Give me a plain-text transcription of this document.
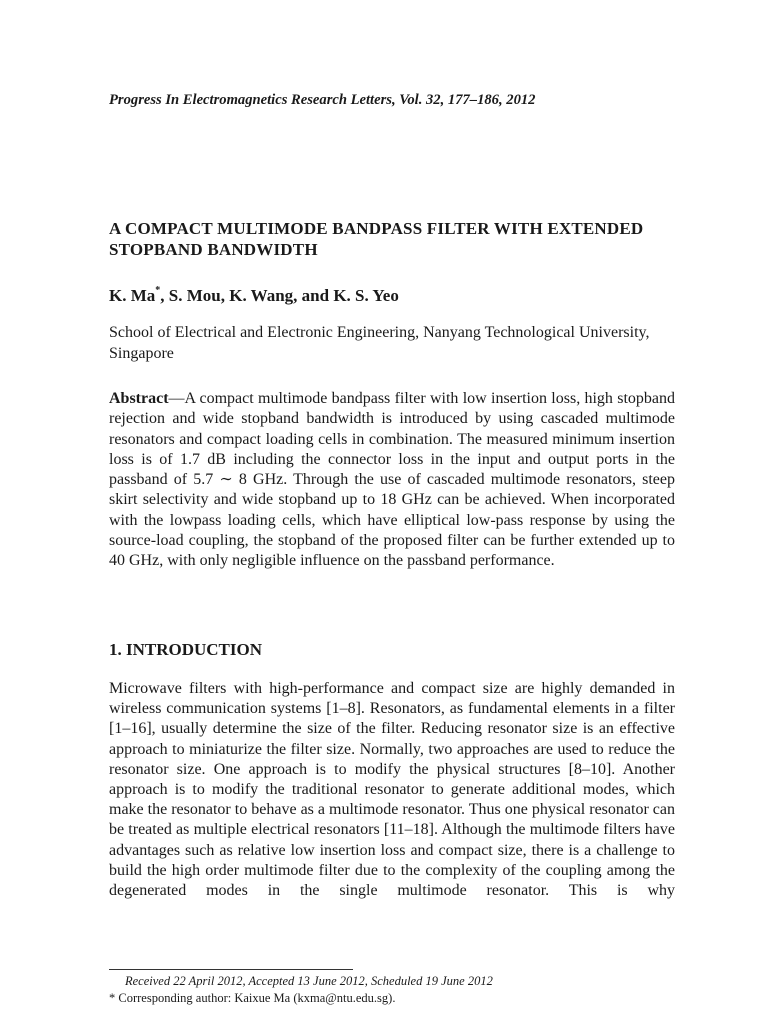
Progress In Electromagnetics Research Letters, Vol. 32, 177–186, 2012
A COMPACT MULTIMODE BANDPASS FILTER WITH EXTENDED STOPBAND BANDWIDTH
K. Ma*, S. Mou, K. Wang, and K. S. Yeo
School of Electrical and Electronic Engineering, Nanyang Technological University, Singapore
Abstract—A compact multimode bandpass filter with low insertion loss, high stopband rejection and wide stopband bandwidth is introduced by using cascaded multimode resonators and compact loading cells in combination. The measured minimum insertion loss is of 1.7 dB including the connector loss in the input and output ports in the passband of 5.7 ∼ 8 GHz. Through the use of cascaded multimode resonators, steep skirt selectivity and wide stopband up to 18 GHz can be achieved. When incorporated with the lowpass loading cells, which have elliptical low-pass response by using the source-load coupling, the stopband of the proposed filter can be further extended up to 40 GHz, with only negligible influence on the passband performance.
1. INTRODUCTION
Microwave filters with high-performance and compact size are highly demanded in wireless communication systems [1–8]. Resonators, as fundamental elements in a filter [1–16], usually determine the size of the filter. Reducing resonator size is an effective approach to miniaturize the filter size. Normally, two approaches are used to reduce the resonator size. One approach is to modify the physical structures [8–10]. Another approach is to modify the traditional resonator to generate additional modes, which make the resonator to behave as a multimode resonator. Thus one physical resonator can be treated as multiple electrical resonators [11–18]. Although the multimode filters have advantages such as relative low insertion loss and compact size, there is a challenge to build the high order multimode filter due to the complexity of the coupling among the degenerated modes in the single multimode resonator. This is why
Received 22 April 2012, Accepted 13 June 2012, Scheduled 19 June 2012
* Corresponding author: Kaixue Ma (kxma@ntu.edu.sg).
